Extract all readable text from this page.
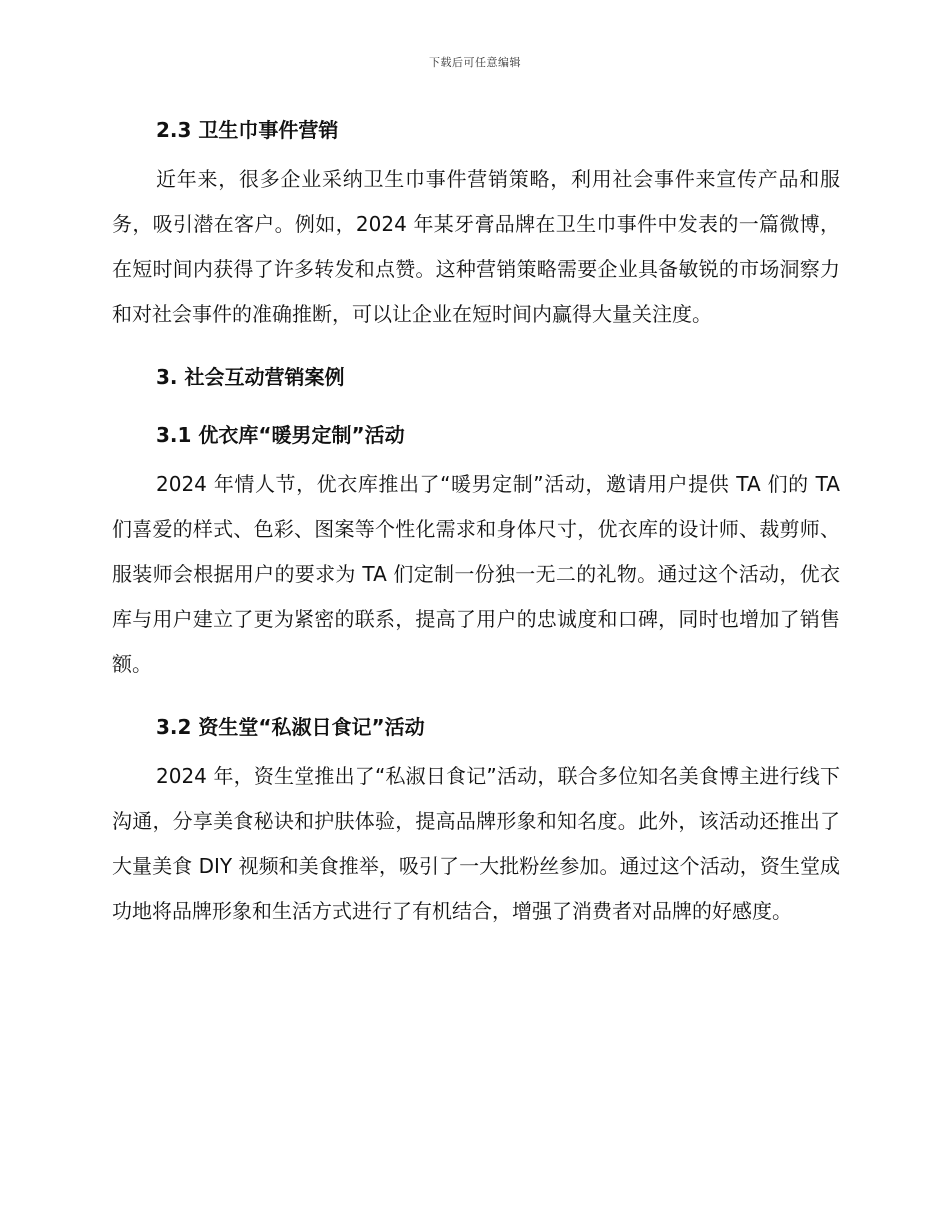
下载后可任意编辑
2.3 卫生巾事件营销

近年来，很多企业采纳卫生巾事件营销策略，利用社会事件来宣传产品和服务，吸引潜在客户。例如，2024 年某牙膏品牌在卫生巾事件中发表的一篇微博，在短时间内获得了许多转发和点赞。这种营销策略需要企业具备敏锐的市场洞察力和对社会事件的准确推断，可以让企业在短时间内赢得大量关注度。

3. 社会互动营销案例
3.1 优衣库“暖男定制”活动

2024 年情人节，优衣库推出了“暖男定制”活动，邀请用户提供 TA 们的 TA 们喜爱的样式、色彩、图案等个性化需求和身体尺寸，优衣库的设计师、裁剪师、服装师会根据用户的要求为 TA 们定制一份独一无二的礼物。通过这个活动，优衣库与用户建立了更为紧密的联系，提高了用户的忠诚度和口碑，同时也增加了销售额。

3.2 资生堂“私淑日食记”活动

2024 年，资生堂推出了“私淑日食记”活动，联合多位知名美食博主进行线下沟通，分享美食秘诀和护肤体验，提高品牌形象和知名度。此外，该活动还推出了大量美食 DIY 视频和美食推举，吸引了一大批粉丝参加。通过这个活动，资生堂成功地将品牌形象和生活方式进行了有机结合，增强了消费者对品牌的好感度。
